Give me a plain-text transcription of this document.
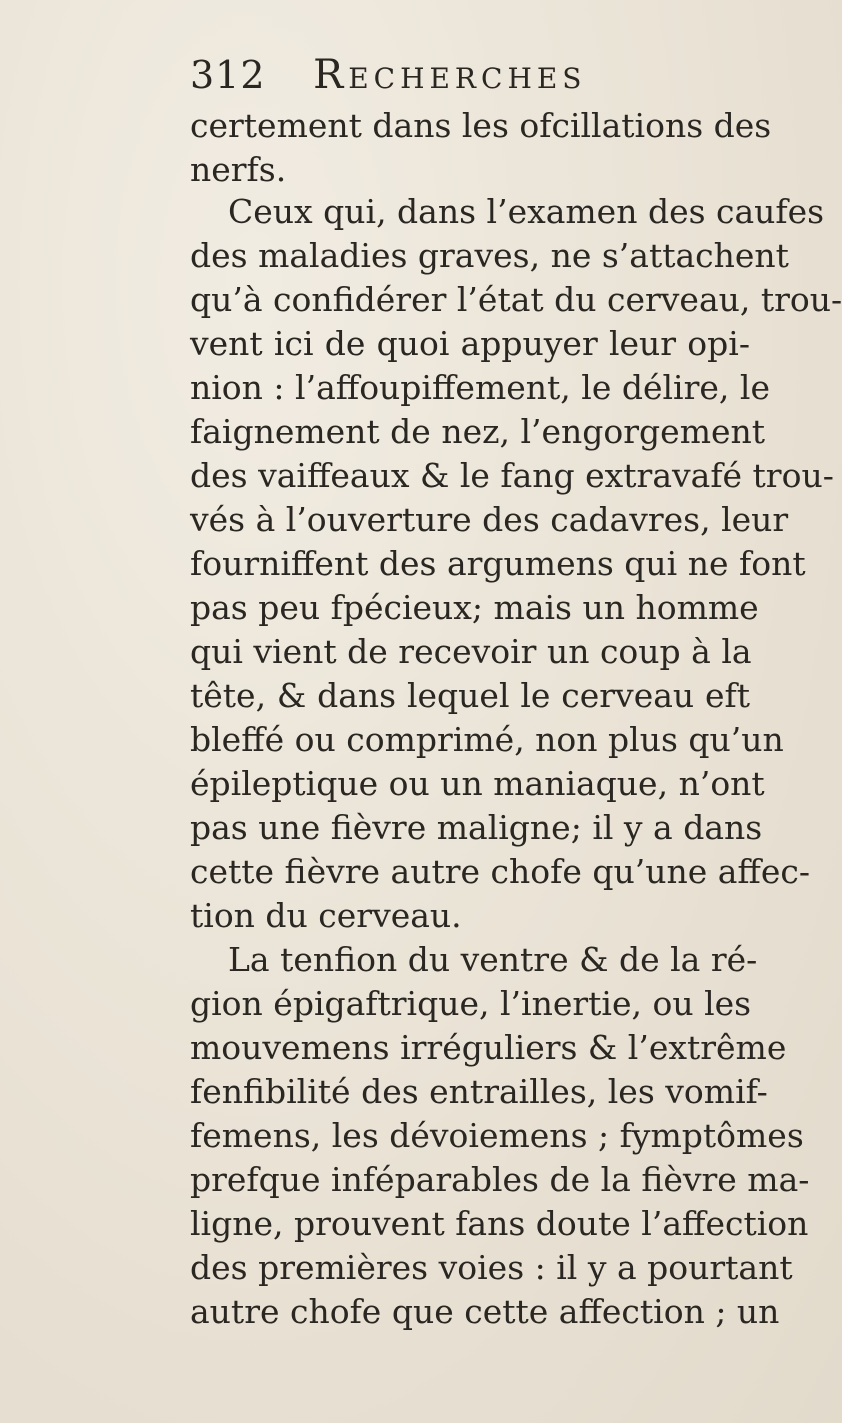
312 Recherches
certement dans les ofcillations des
nerfs.
Ceux qui, dans l’examen des caufes
des maladies graves, ne s’attachent
qu’à confidérer l’état du cerveau, trou-
vent ici de quoi appuyer leur opi-
nion : l’affoupiffement, le délire, le
faignement de nez, l’engorgement
des vaiffeaux & le fang extravafé trou-
vés à l’ouverture des cadavres, leur
fourniffent des argumens qui ne font
pas peu fpécieux; mais un homme
qui vient de recevoir un coup à la
tête, & dans lequel le cerveau eft
bleffé ou comprimé, non plus qu’un
épileptique ou un maniaque, n’ont
pas une fièvre maligne; il y a dans
cette fièvre autre chofe qu’une affec-
tion du cerveau.
La tenfion du ventre & de la ré-
gion épigaftrique, l’inertie, ou les
mouvemens irréguliers & l’extrême
fenfibilité des entrailles, les vomif-
femens, les dévoiemens ; fymptômes
prefque inféparables de la fièvre ma-
ligne, prouvent fans doute l’affection
des premières voies : il y a pourtant
autre chofe que cette affection ; un
